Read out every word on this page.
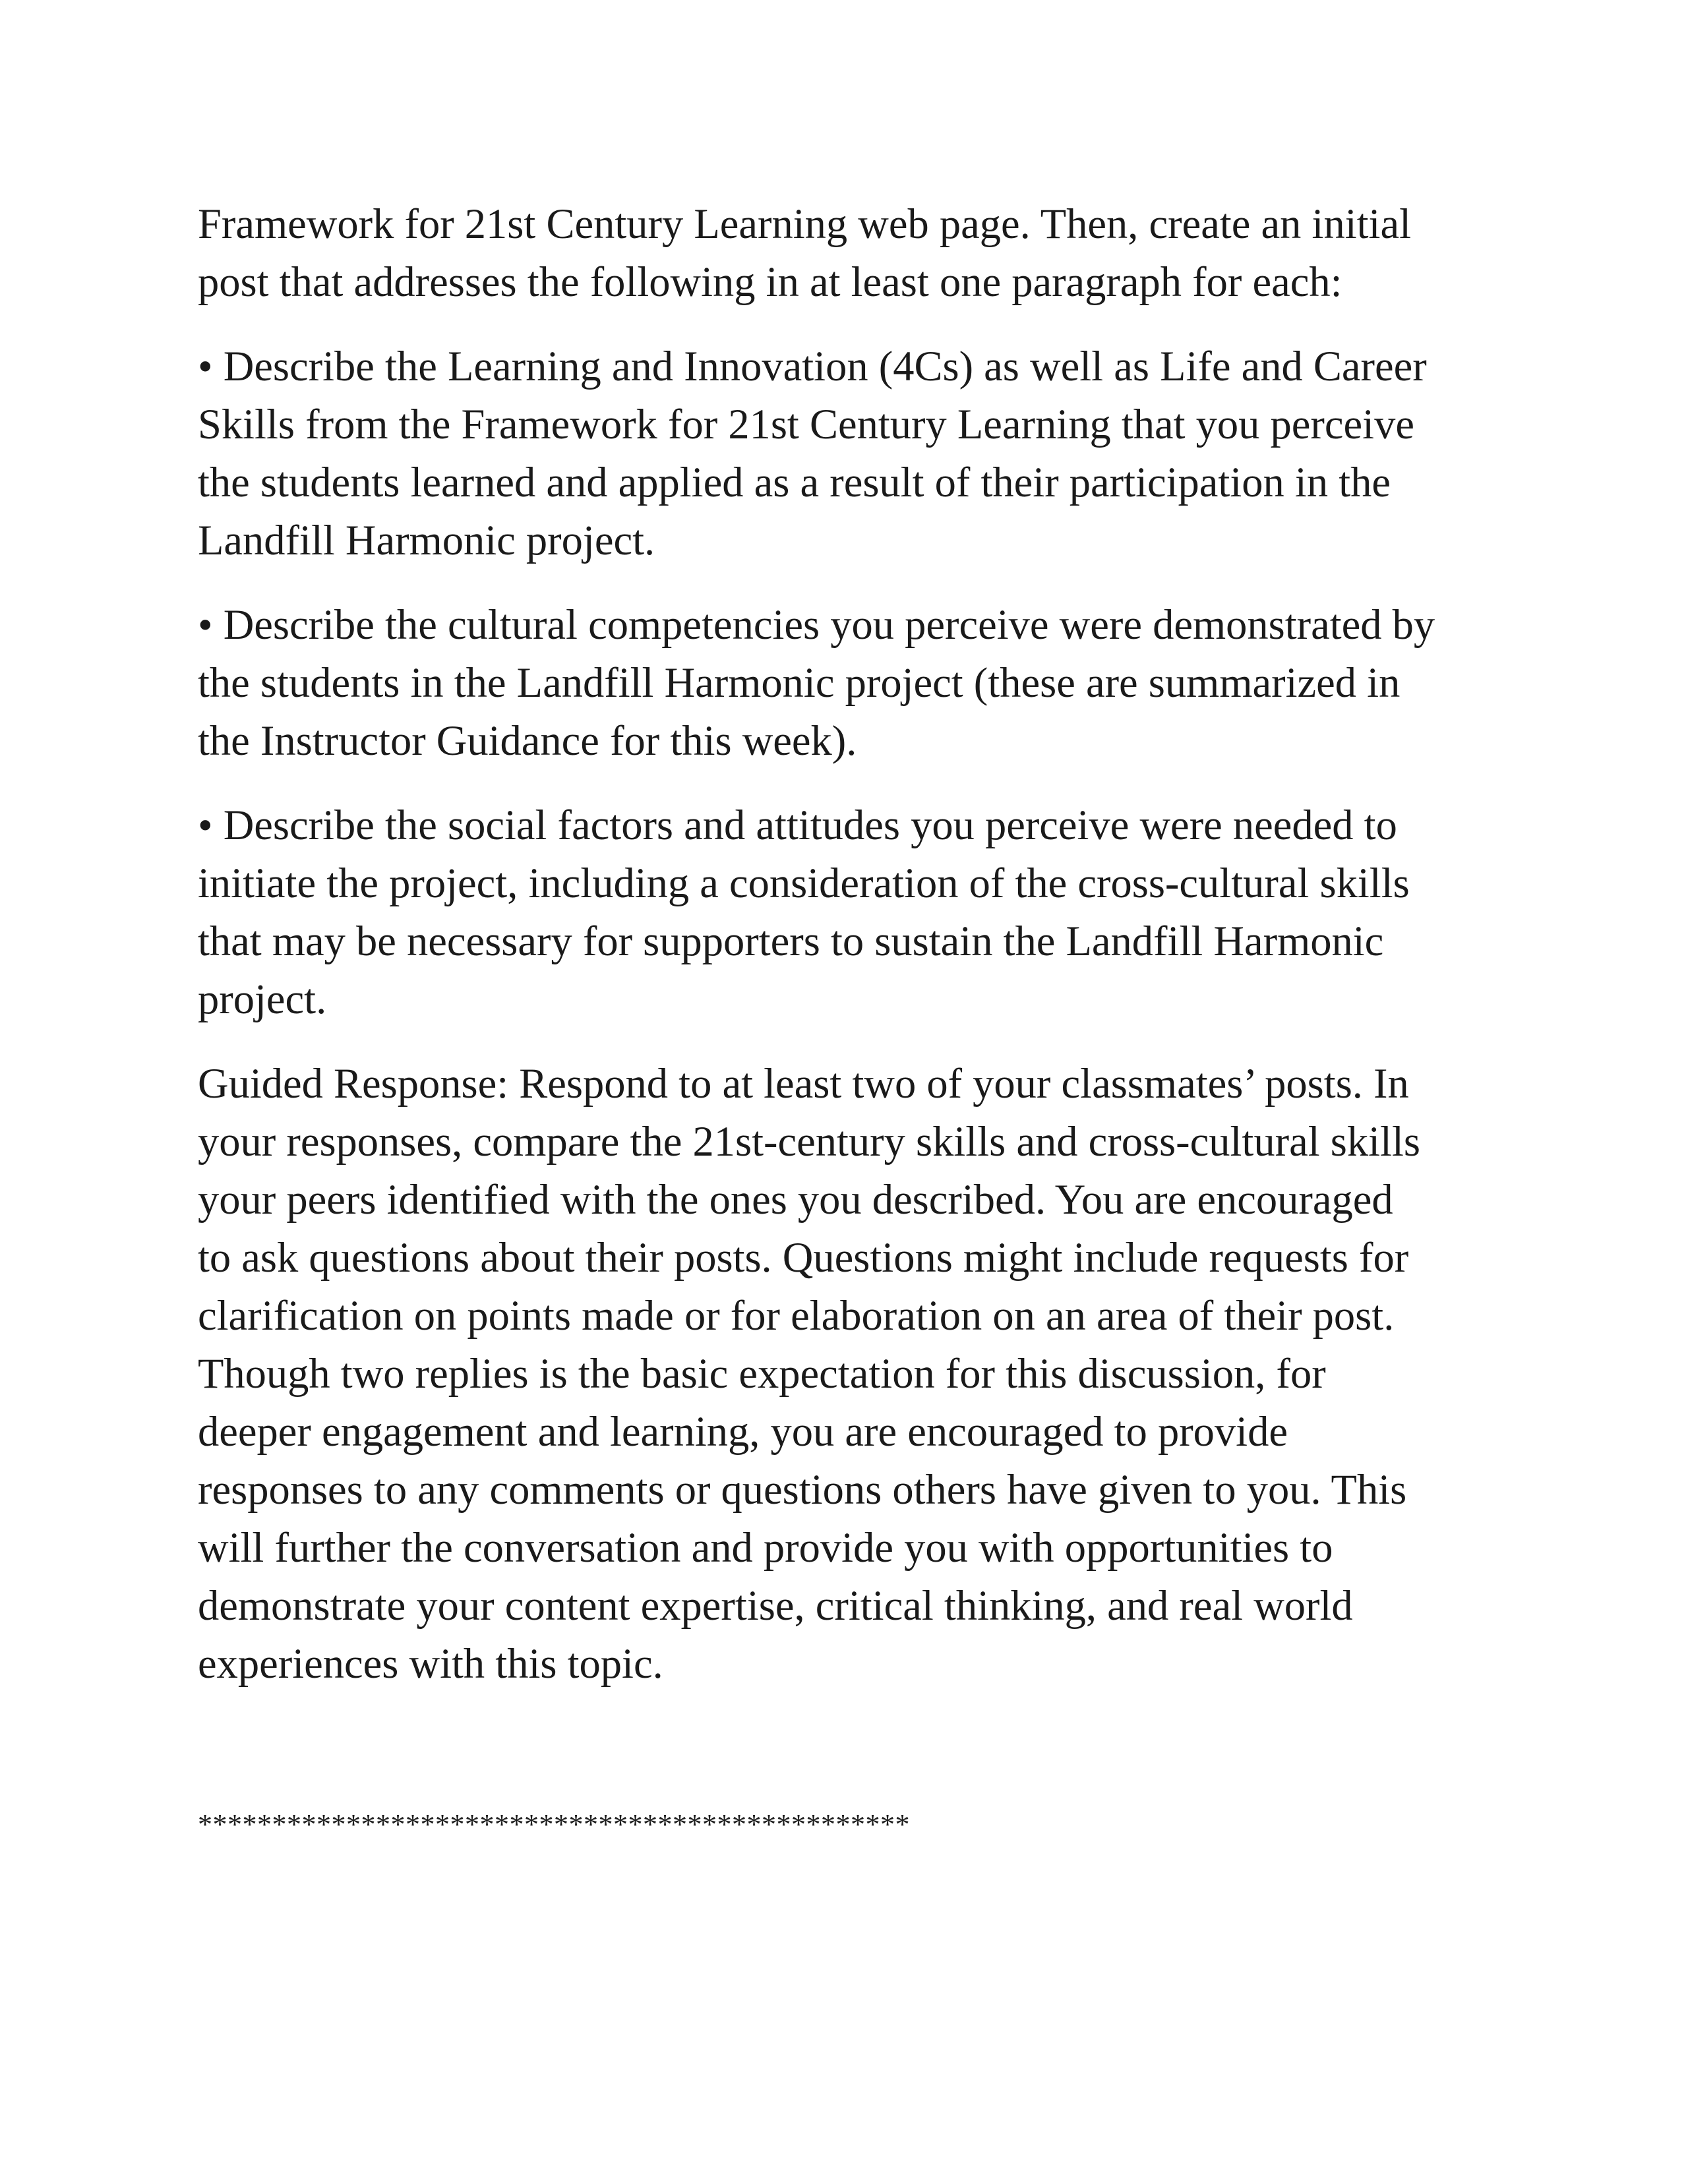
Framework for 21st Century Learning web page. Then, create an initial
post that addresses the following in at least one paragraph for each:

• Describe the Learning and Innovation (4Cs) as well as Life and Career
Skills from the Framework for 21st Century Learning that you perceive
the students learned and applied as a result of their participation in the
Landfill Harmonic project.

• Describe the cultural competencies you perceive were demonstrated by
the students in the Landfill Harmonic project (these are summarized in
the Instructor Guidance for this week).

• Describe the social factors and attitudes you perceive were needed to
initiate the project, including a consideration of the cross-cultural skills
that may be necessary for supporters to sustain the Landfill Harmonic
project.

Guided Response: Respond to at least two of your classmates’ posts. In
your responses, compare the 21st-century skills and cross-cultural skills
your peers identified with the ones you described. You are encouraged
to ask questions about their posts. Questions might include requests for
clarification on points made or for elaboration on an area of their post.
Though two replies is the basic expectation for this discussion, for
deeper engagement and learning, you are encouraged to provide
responses to any comments or questions others have given to you. This
will further the conversation and provide you with opportunities to
demonstrate your content expertise, critical thinking, and real world
experiences with this topic.

************************************************
